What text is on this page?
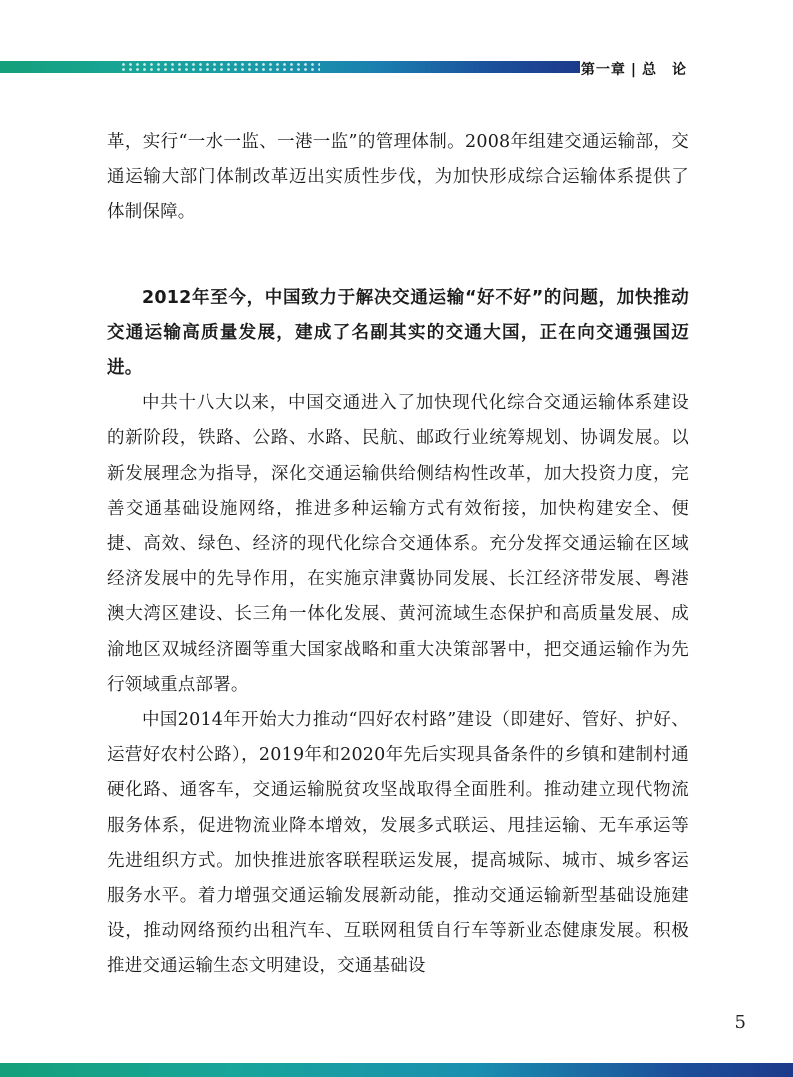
第一章 | 总　论

革，实行“一水一监、一港一监”的管理体制。2008年组建交通运输部，交通运输大部门体制改革迈出实质性步伐，为加快形成综合运输体系提供了体制保障。

2012年至今，中国致力于解决交通运输“好不好”的问题，加快推动交通运输高质量发展，建成了名副其实的交通大国，正在向交通强国迈进。

中共十八大以来，中国交通进入了加快现代化综合交通运输体系建设的新阶段，铁路、公路、水路、民航、邮政行业统筹规划、协调发展。以新发展理念为指导，深化交通运输供给侧结构性改革，加大投资力度，完善交通基础设施网络，推进多种运输方式有效衔接，加快构建安全、便捷、高效、绿色、经济的现代化综合交通体系。充分发挥交通运输在区域经济发展中的先导作用，在实施京津冀协同发展、长江经济带发展、粤港澳大湾区建设、长三角一体化发展、黄河流域生态保护和高质量发展、成渝地区双城经济圈等重大国家战略和重大决策部署中，把交通运输作为先行领域重点部署。

中国2014年开始大力推动“四好农村路”建设（即建好、管好、护好、运营好农村公路），2019年和2020年先后实现具备条件的乡镇和建制村通硬化路、通客车，交通运输脱贫攻坚战取得全面胜利。推动建立现代物流服务体系，促进物流业降本增效，发展多式联运、甩挂运输、无车承运等先进组织方式。加快推进旅客联程联运发展，提高城际、城市、城乡客运服务水平。着力增强交通运输发展新动能，推动交通运输新型基础设施建设，推动网络预约出租汽车、互联网租赁自行车等新业态健康发展。积极推进交通运输生态文明建设，交通基础设

5
